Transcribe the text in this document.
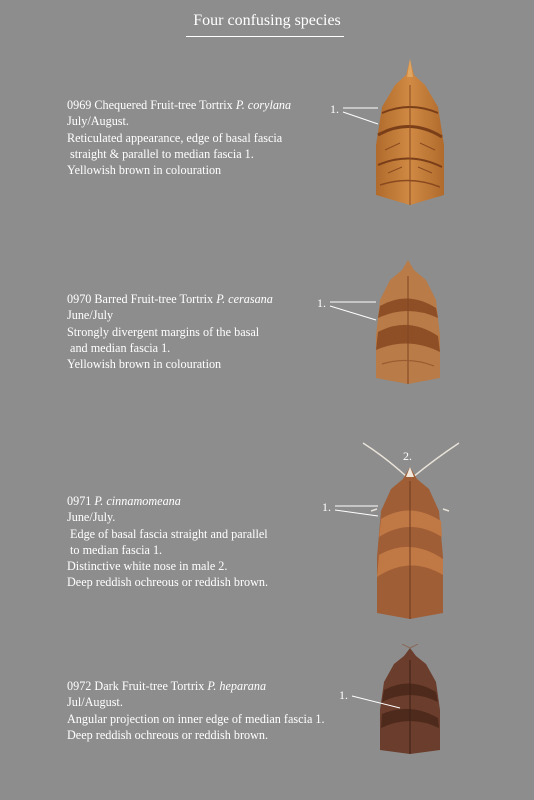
Four confusing species
0969 Chequered Fruit-tree Tortrix P. corylana
July/August.
Reticulated appearance, edge of basal fascia
straight & parallel to median fascia 1.
Yellowish brown in colouration
0970 Barred Fruit-tree Tortrix P. cerasana
June/July
Strongly divergent margins of the basal
and median fascia 1.
Yellowish brown in colouration
0971 P. cinnamomeana
June/July.
Edge of basal fascia straight and parallel
to median fascia 1.
Distinctive white nose in male 2.
Deep reddish ochreous or reddish brown.
0972 Dark Fruit-tree Tortrix P. heparana
Jul/August.
Angular projection on inner edge of median fascia 1.
Deep reddish ochreous or reddish brown.
1.
1.
1.
2.
1.
